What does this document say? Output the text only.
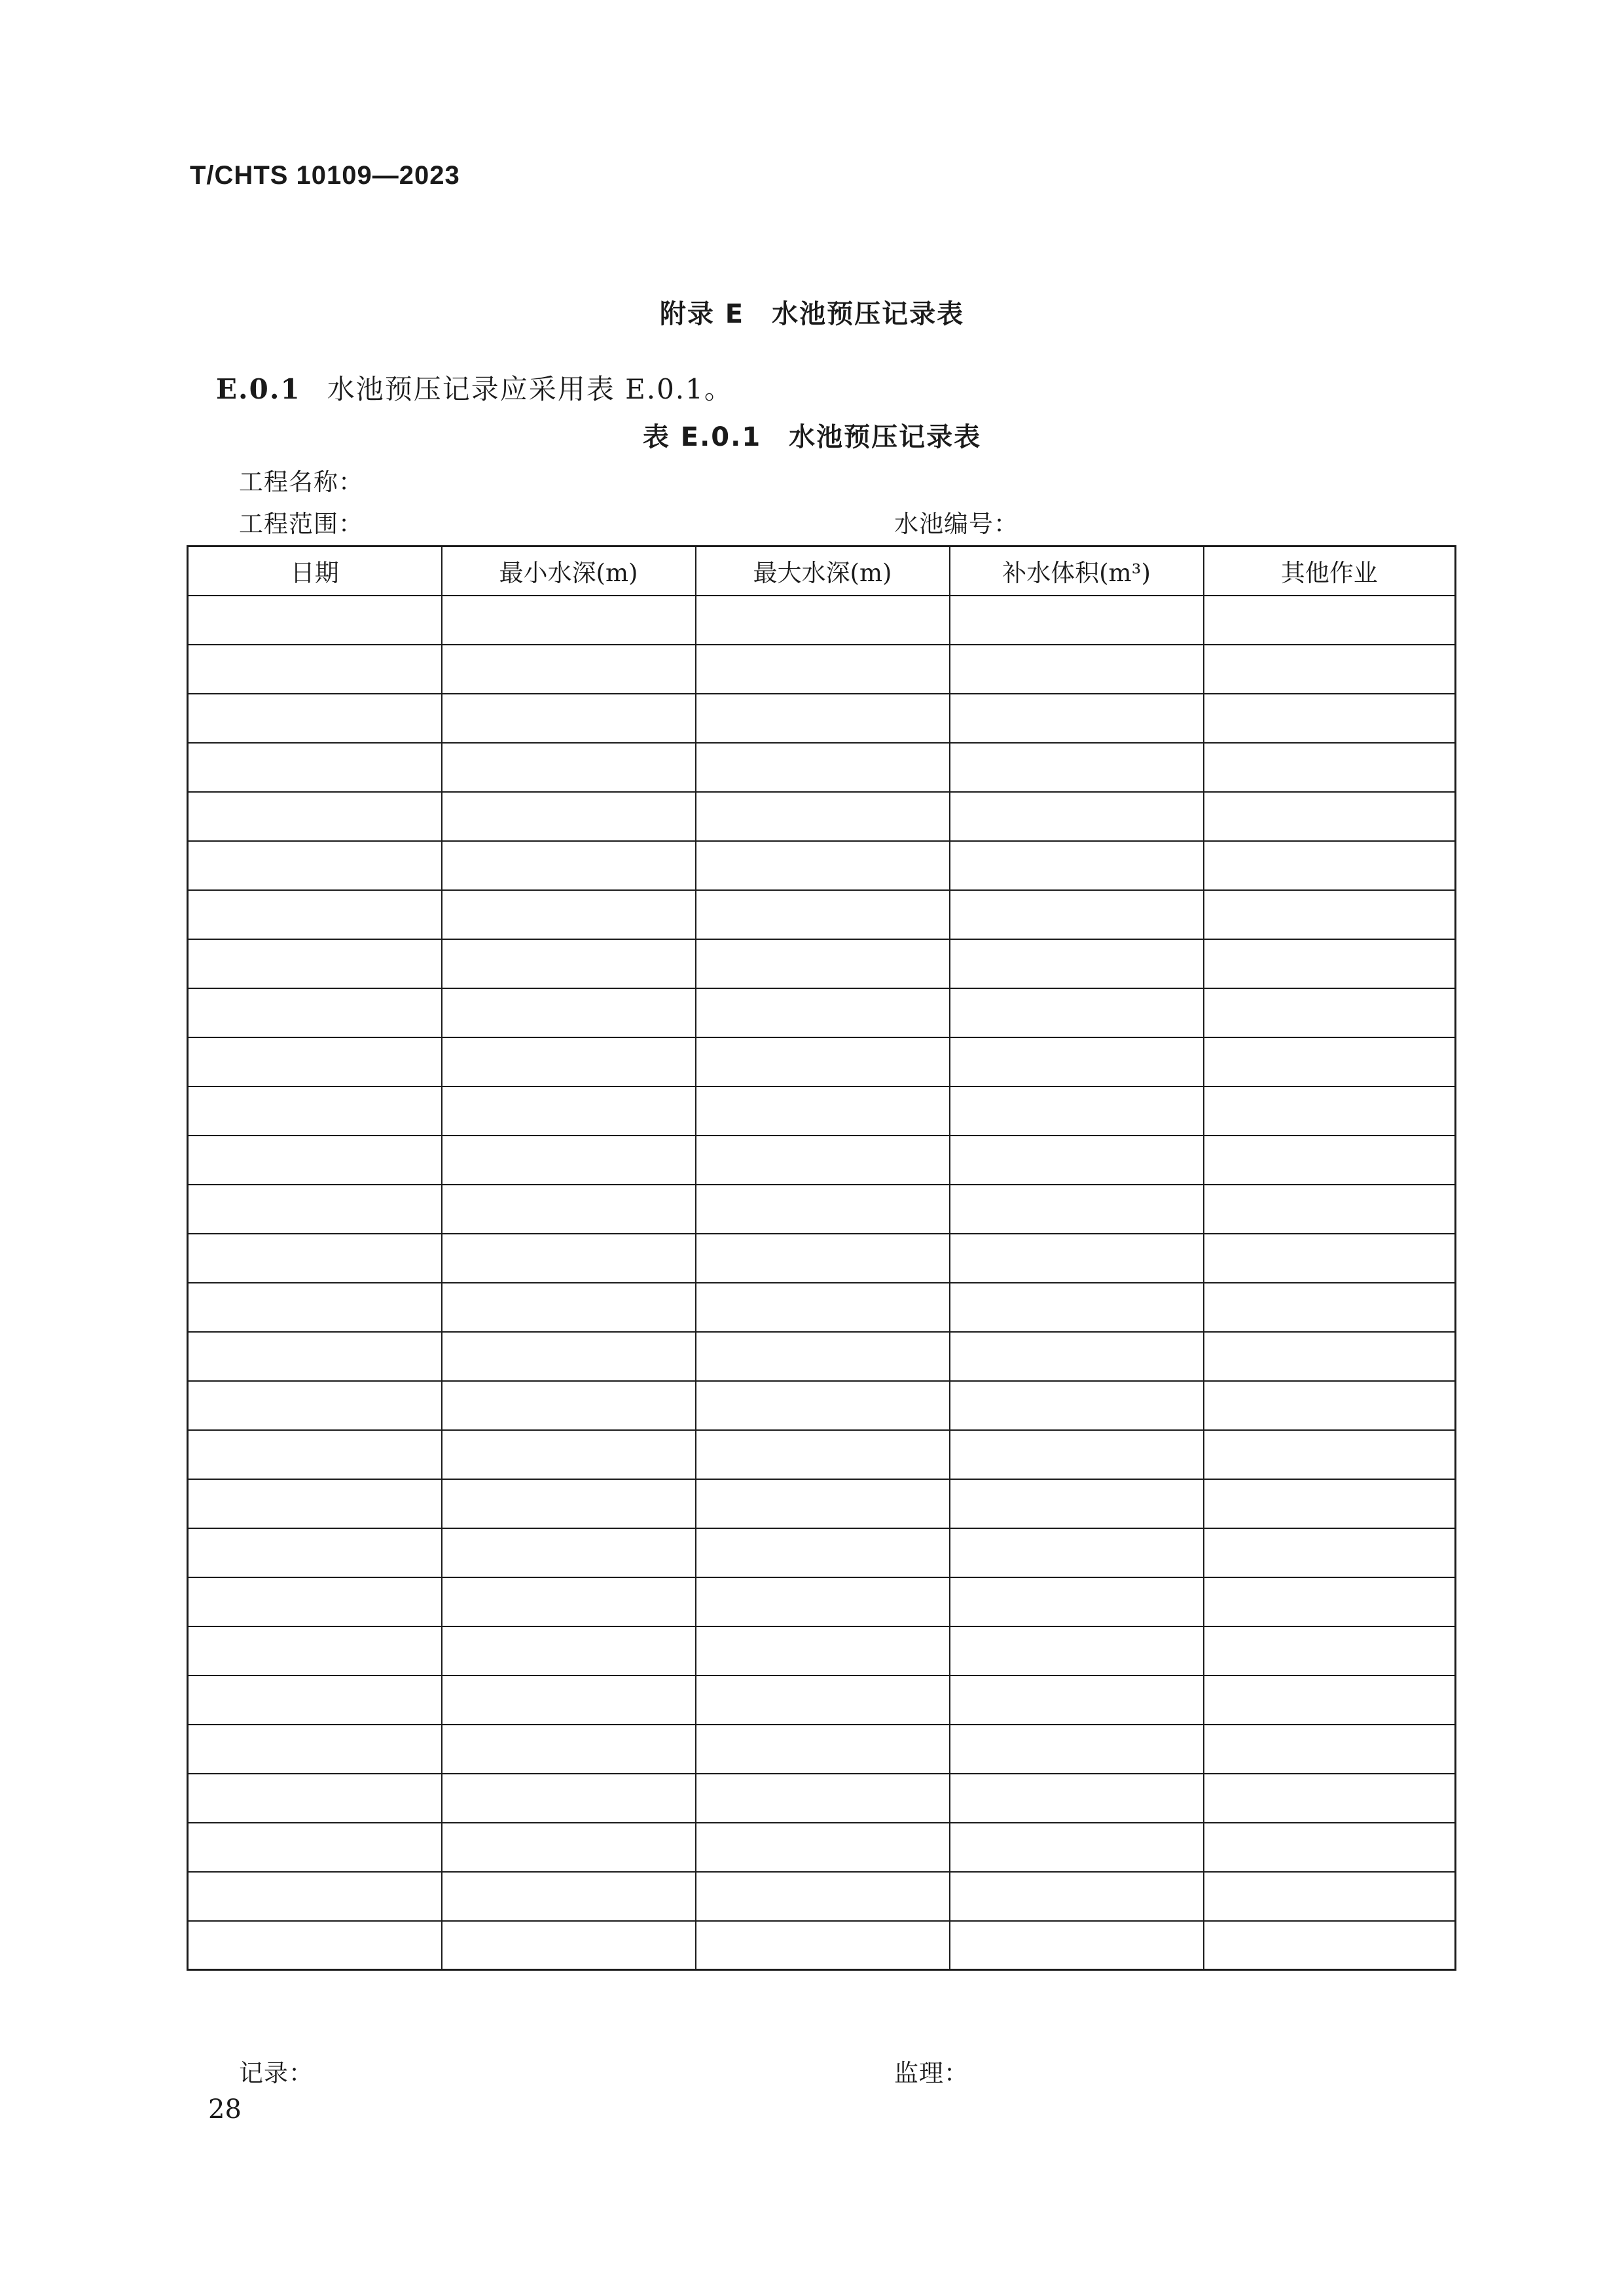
T/CHTS 10109—2023
附录 E　水池预压记录表
E.0.1 水池预压记录应采用表 E.0.1。
表 E.0.1　水池预压记录表
工程名称：
工程范围：	水池编号：
日期	最小水深(m)	最大水深(m)	补水体积(m³)	其他作业

记录：	监理：
28
